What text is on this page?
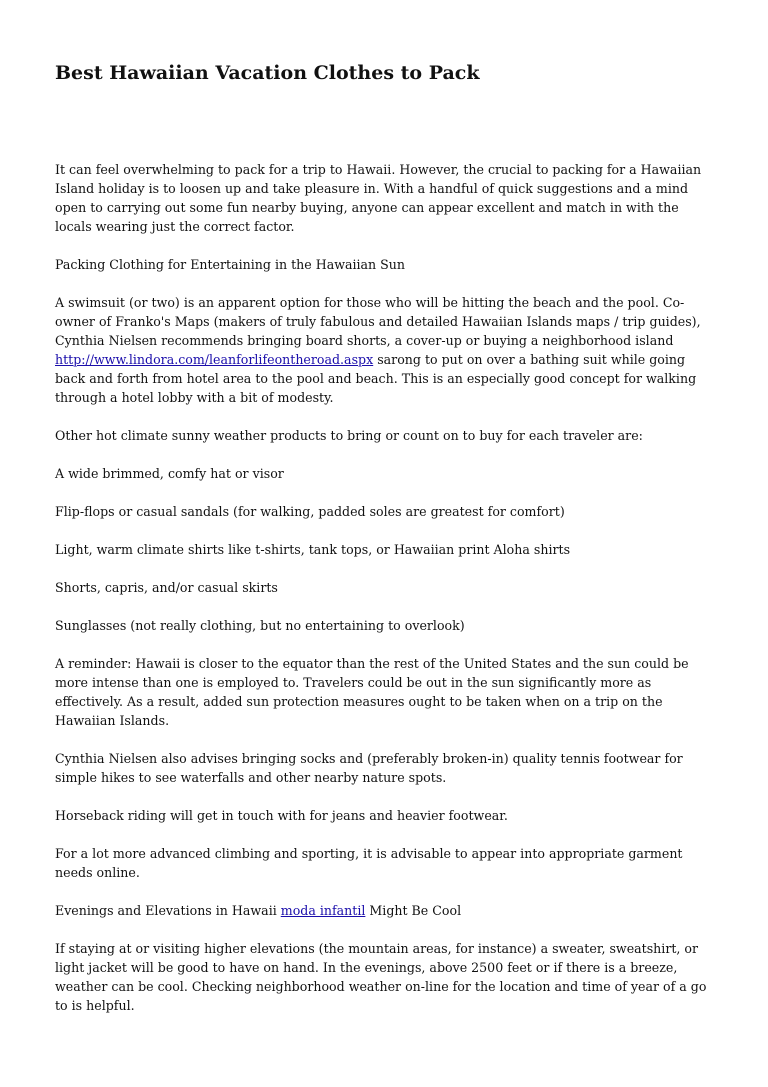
Best Hawaiian Vacation Clothes to Pack

It can feel overwhelming to pack for a trip to Hawaii. However, the crucial to packing for a Hawaiian Island holiday is to loosen up and take pleasure in. With a handful of quick suggestions and a mind open to carrying out some fun nearby buying, anyone can appear excellent and match in with the locals wearing just the correct factor.

Packing Clothing for Entertaining in the Hawaiian Sun

A swimsuit (or two) is an apparent option for those who will be hitting the beach and the pool. Co-owner of Franko's Maps (makers of truly fabulous and detailed Hawaiian Islands maps / trip guides), Cynthia Nielsen recommends bringing board shorts, a cover-up or buying a neighborhood island http://www.lindora.com/leanforlifeontheroad.aspx sarong to put on over a bathing suit while going back and forth from hotel area to the pool and beach. This is an especially good concept for walking through a hotel lobby with a bit of modesty.

Other hot climate sunny weather products to bring or count on to buy for each traveler are:

A wide brimmed, comfy hat or visor

Flip-flops or casual sandals (for walking, padded soles are greatest for comfort)

Light, warm climate shirts like t-shirts, tank tops, or Hawaiian print Aloha shirts

Shorts, capris, and/or casual skirts

Sunglasses (not really clothing, but no entertaining to overlook)

A reminder: Hawaii is closer to the equator than the rest of the United States and the sun could be more intense than one is employed to. Travelers could be out in the sun significantly more as effectively. As a result, added sun protection measures ought to be taken when on a trip on the Hawaiian Islands.

Cynthia Nielsen also advises bringing socks and (preferably broken-in) quality tennis footwear for simple hikes to see waterfalls and other nearby nature spots.

Horseback riding will get in touch with for jeans and heavier footwear.

For a lot more advanced climbing and sporting, it is advisable to appear into appropriate garment needs online.

Evenings and Elevations in Hawaii moda infantil Might Be Cool

If staying at or visiting higher elevations (the mountain areas, for instance) a sweater, sweatshirt, or light jacket will be good to have on hand. In the evenings, above 2500 feet or if there is a breeze, weather can be cool. Checking neighborhood weather on-line for the location and time of year of a go to is helpful.
